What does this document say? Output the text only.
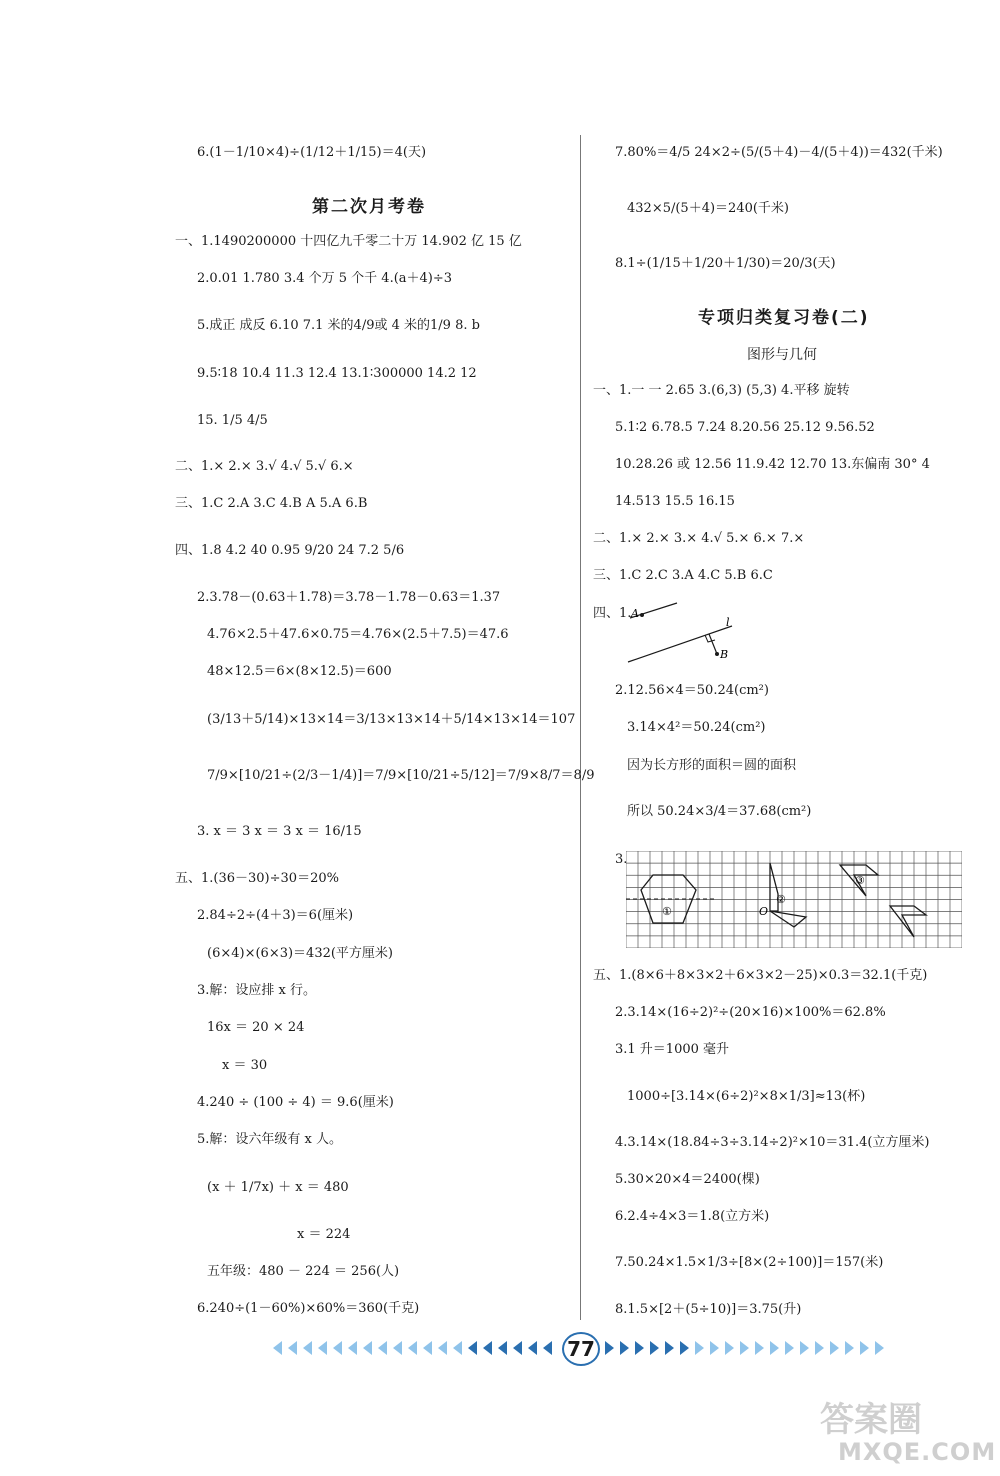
6.(1－1/10×4)÷(1/12＋1/15)＝4(天)
第二次月考卷
一、1.1490200000 十四亿九千零二十万 14.902 亿 15 亿
2.0.01 1.780 3.4 个万 5 个千 4.(a＋4)÷3
5.成正 成反 6.10 7.1 米的4/9或 4 米的1/9 8. b
9.5∶18 10.4 11.3 12.4 13.1∶300000 14.2 12
15. 1/5 4/5
二、1.× 2.× 3.√ 4.√ 5.√ 6.×
三、1.C 2.A 3.C 4.B A 5.A 6.B
四、1.8 4.2 40 0.95 9/20 24 7.2 5/6
2.3.78－(0.63＋1.78)＝3.78－1.78－0.63＝1.37
4.76×2.5＋47.6×0.75＝4.76×(2.5＋7.5)＝47.6
48×12.5＝6×(8×12.5)＝600
(3/13＋5/14)×13×14＝3/13×13×14＋5/14×13×14＝107
7/9×[10/21÷(2/3－1/4)]＝7/9×[10/21÷5/12]＝7/9×8/7＝8/9
3. x ＝ 3 x ＝ 3 x ＝ 16/15
五、1.(36－30)÷30＝20%
2.84÷2÷(4＋3)＝6(厘米)
(6×4)×(6×3)＝432(平方厘米)
3.解：设应排 x 行。
16x ＝ 20 × 24
x ＝ 30
4.240 ÷ (100 ÷ 4) ＝ 9.6(厘米)
5.解：设六年级有 x 人。
(x ＋ 1/7x) ＋ x ＝ 480
x ＝ 224
五年级：480 － 224 ＝ 256(人)
6.240÷(1－60%)×60%＝360(千克)
7.80%＝4/5 24×2÷(5/(5＋4)－4/(5＋4))＝432(千米)
432×5/(5＋4)＝240(千米)
8.1÷(1/15＋1/20＋1/30)＝20/3(天)
专项归类复习卷(二)
图形与几何
一、1.一 一 2.65 3.(6,3) (5,3) 4.平移 旋转
5.1∶2 6.78.5 7.24 8.20.56 25.12 9.56.52
10.28.26 或 12.56 11.9.42 12.70 13.东偏南 30° 4
14.513 15.5 16.15
二、1.× 2.× 3.× 4.√ 5.× 6.× 7.×
三、1.C 2.C 3.A 4.C 5.B 6.C
四、1. A
B
l
2.12.56×4＝50.24(cm²)
3.14×4²＝50.24(cm²)
因为长方形的面积＝圆的面积
所以 50.24×3/4＝37.68(cm²)
3.
①
②
O
③
五、1.(8×6＋8×3×2＋6×3×2－25)×0.3＝32.1(千克)
2.3.14×(16÷2)²÷(20×16)×100%＝62.8%
3.1 升＝1000 毫升
1000÷[3.14×(6÷2)²×8×1/3]≈13(杯)
4.3.14×(18.84÷3÷3.14÷2)²×10＝31.4(立方厘米)
5.30×20×4＝2400(棵)
6.2.4÷4×3＝1.8(立方米)
7.50.24×1.5×1/3÷[8×(2÷100)]＝157(米)
8.1.5×[2＋(5÷10)]＝3.75(升)
77
答案圈
MXQE.COM
